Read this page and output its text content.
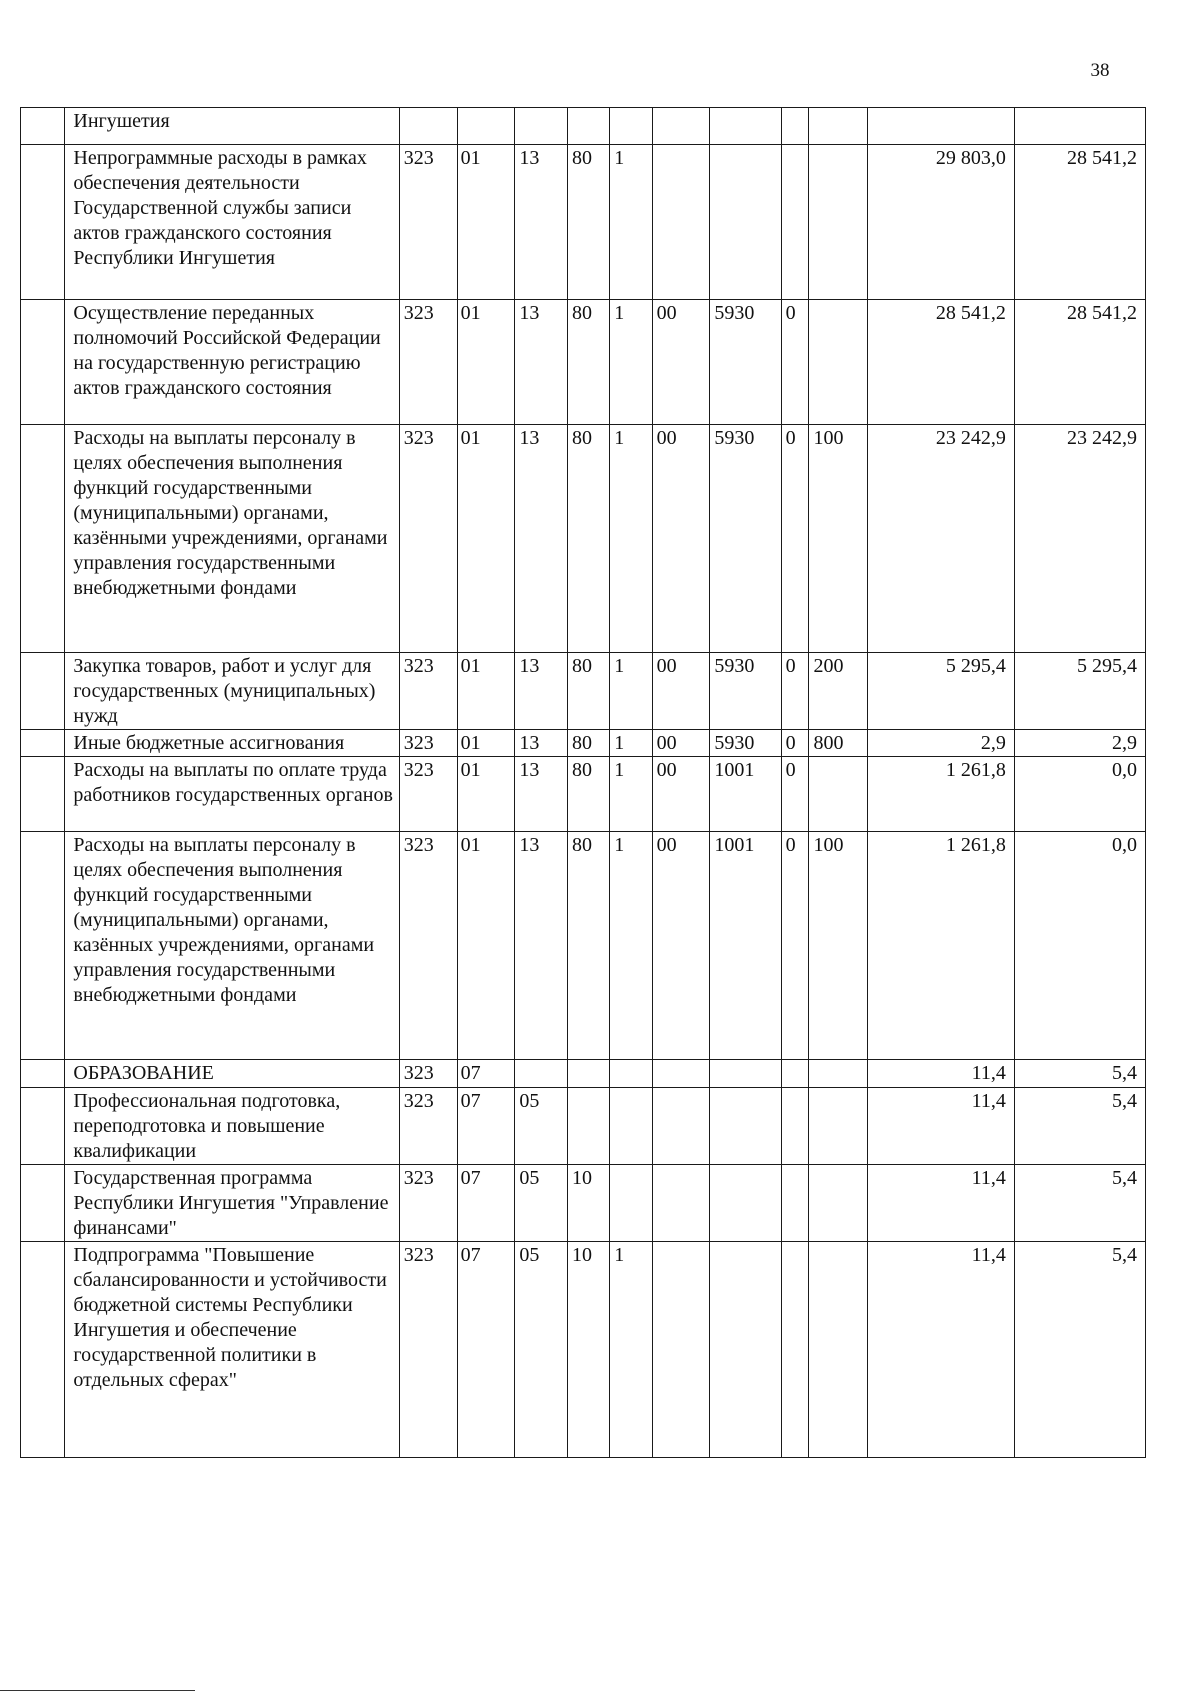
38
	Ингушетия											
	Непрограммные расходы в рамках обеспечения деятельности Государственной службы записи актов гражданского состояния Республики Ингушетия	323	01	13	80	1					29 803,0	28 541,2
	Осуществление переданных полномочий Российской Федерации на государственную регистрацию актов гражданского состояния	323	01	13	80	1	00	5930	0		28 541,2	28 541,2
	Расходы на выплаты персоналу в целях обеспечения выполнения функций государственными (муниципальными) органами, казёнными учреждениями, органами управления государственными внебюджетными фондами	323	01	13	80	1	00	5930	0	100	23 242,9	23 242,9
	Закупка товаров, работ и услуг для государственных (муниципальных) нужд	323	01	13	80	1	00	5930	0	200	5 295,4	5 295,4
	Иные бюджетные ассигнования	323	01	13	80	1	00	5930	0	800	2,9	2,9
	Расходы на выплаты по оплате труда работников государственных органов	323	01	13	80	1	00	1001	0		1 261,8	0,0
	Расходы на выплаты персоналу в целях обеспечения выполнения функций государственными (муниципальными) органами, казённых учреждениями, органами управления государственными внебюджетными фондами	323	01	13	80	1	00	1001	0	100	1 261,8	0,0
	ОБРАЗОВАНИЕ	323	07								11,4	5,4
	Профессиональная подготовка, переподготовка и повышение квалификации	323	07	05							11,4	5,4
	Государственная программа Республики Ингушетия "Управление финансами"	323	07	05	10						11,4	5,4
	Подпрограмма "Повышение сбалансированности и устойчивости бюджетной системы Республики Ингушетия и обеспечение государственной политики в отдельных сферах"	323	07	05	10	1					11,4	5,4
